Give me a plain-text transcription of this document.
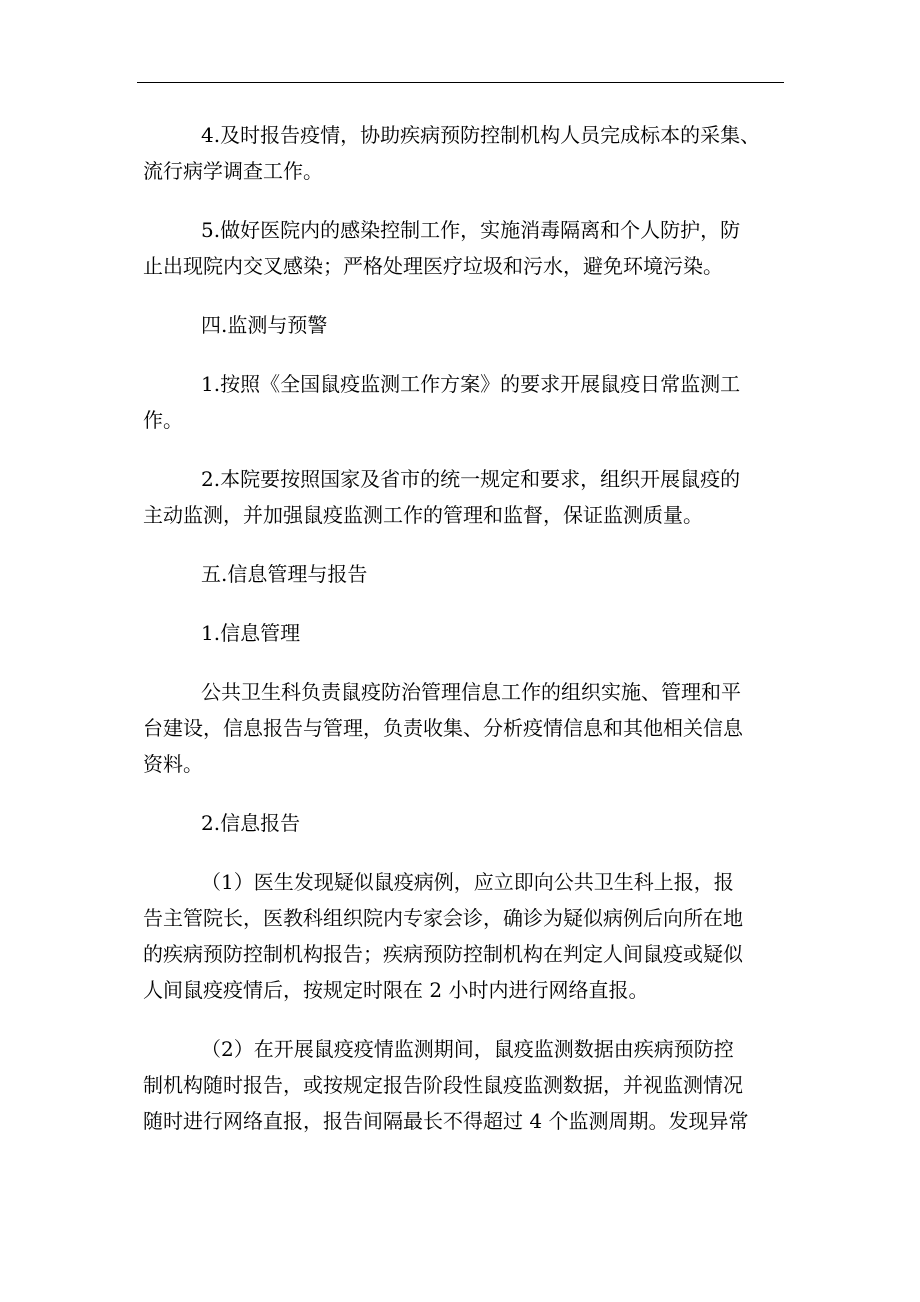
4.及时报告疫情，协助疾病预防控制机构人员完成标本的采集、
流行病学调查工作。
5.做好医院内的感染控制工作，实施消毒隔离和个人防护，防
止出现院内交叉感染；严格处理医疗垃圾和污水，避免环境污染。
四.监测与预警
1.按照《全国鼠疫监测工作方案》的要求开展鼠疫日常监测工
作。
2.本院要按照国家及省市的统一规定和要求，组织开展鼠疫的
主动监测，并加强鼠疫监测工作的管理和监督，保证监测质量。
五.信息管理与报告
1.信息管理
公共卫生科负责鼠疫防治管理信息工作的组织实施、管理和平
台建设，信息报告与管理，负责收集、分析疫情信息和其他相关信息
资料。
2.信息报告
（1）医生发现疑似鼠疫病例，应立即向公共卫生科上报，报
告主管院长，医教科组织院内专家会诊，确诊为疑似病例后向所在地
的疾病预防控制机构报告；疾病预防控制机构在判定人间鼠疫或疑似
人间鼠疫疫情后，按规定时限在 2 小时内进行网络直报。
（2）在开展鼠疫疫情监测期间，鼠疫监测数据由疾病预防控
制机构随时报告，或按规定报告阶段性鼠疫监测数据，并视监测情况
随时进行网络直报，报告间隔最长不得超过 4 个监测周期。发现异常
